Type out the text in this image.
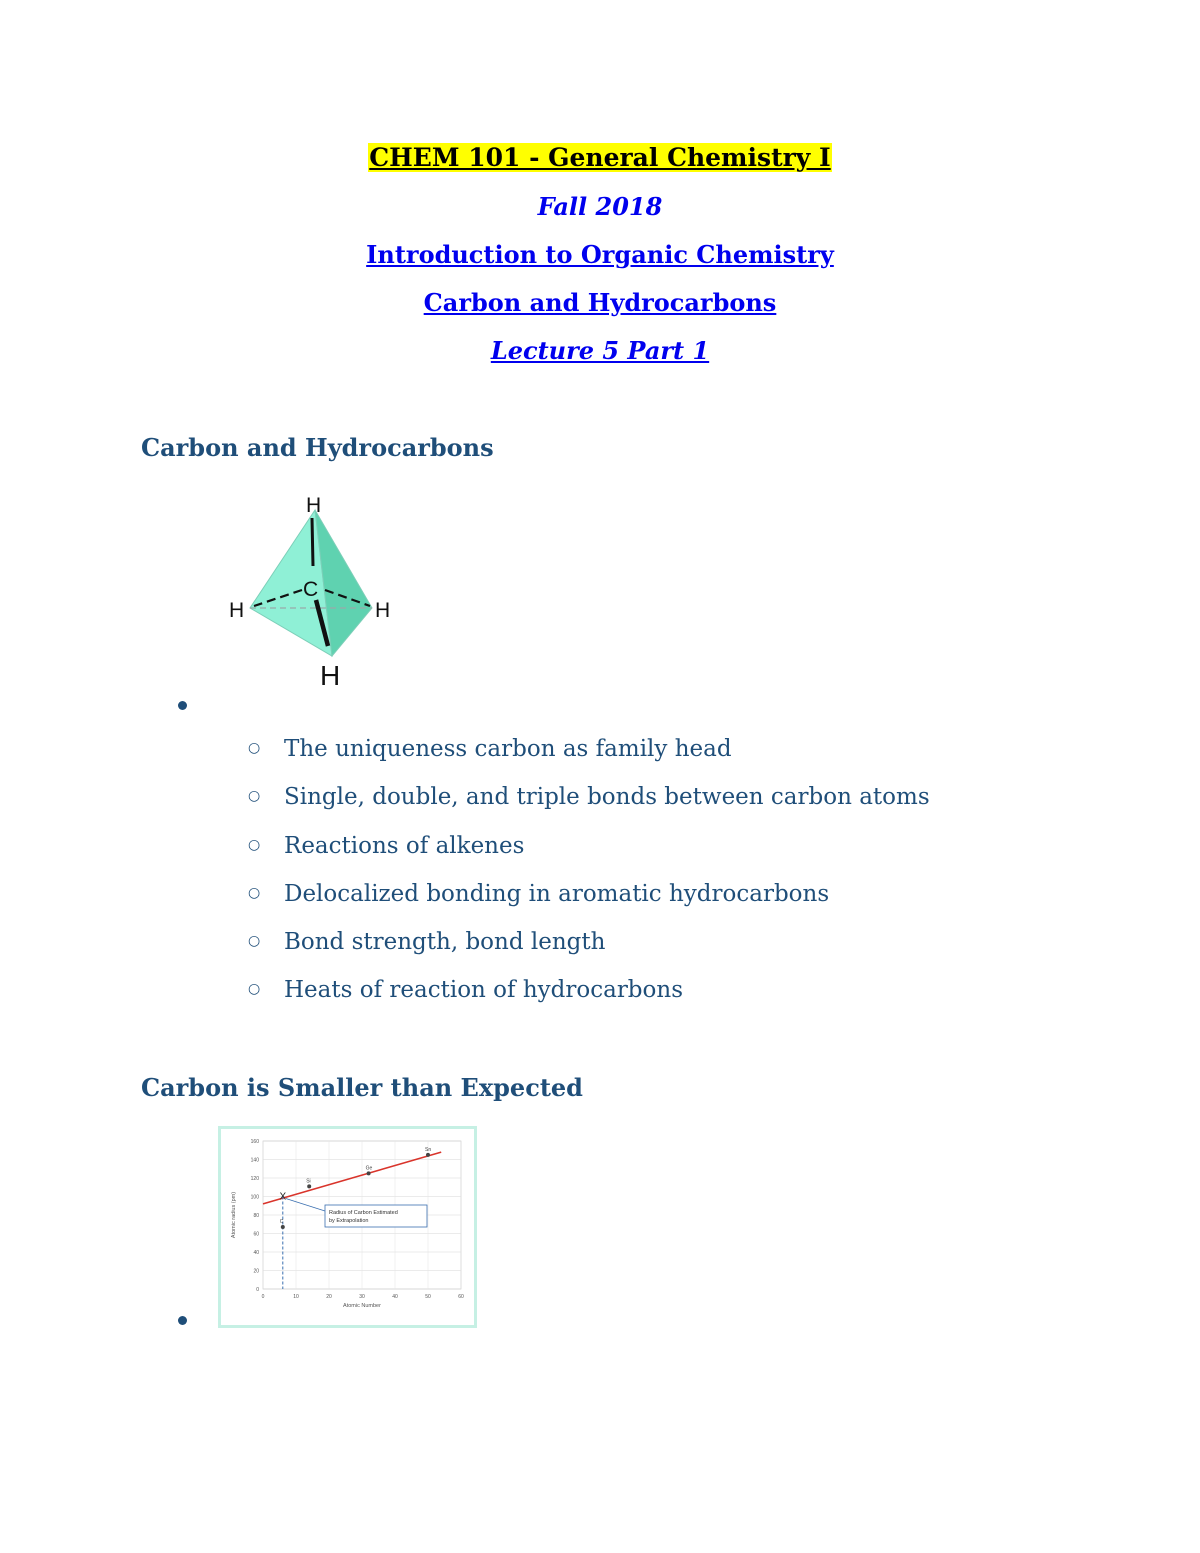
CHEM 101 - General Chemistry I
Fall 2018
Introduction to Organic Chemistry
Carbon and Hydrocarbons
Lecture 5 Part 1
Carbon and Hydrocarbons
H
C
H	H
H
○ The uniqueness carbon as family head
○ Single, double, and triple bonds between carbon atoms
○ Reactions of alkenes
○ Delocalized bonding in aromatic hydrocarbons
○ Bond strength, bond length
○ Heats of reaction of hydrocarbons
Carbon is Smaller than Expected
0
20
40
60
80
100
120
140
160
0	10	20	30	40	50	60
Atomic Number
Atomic radius (pm)	C
Si
Ge
Sn
X
Radius of Carbon Estimated
by Extrapolation
